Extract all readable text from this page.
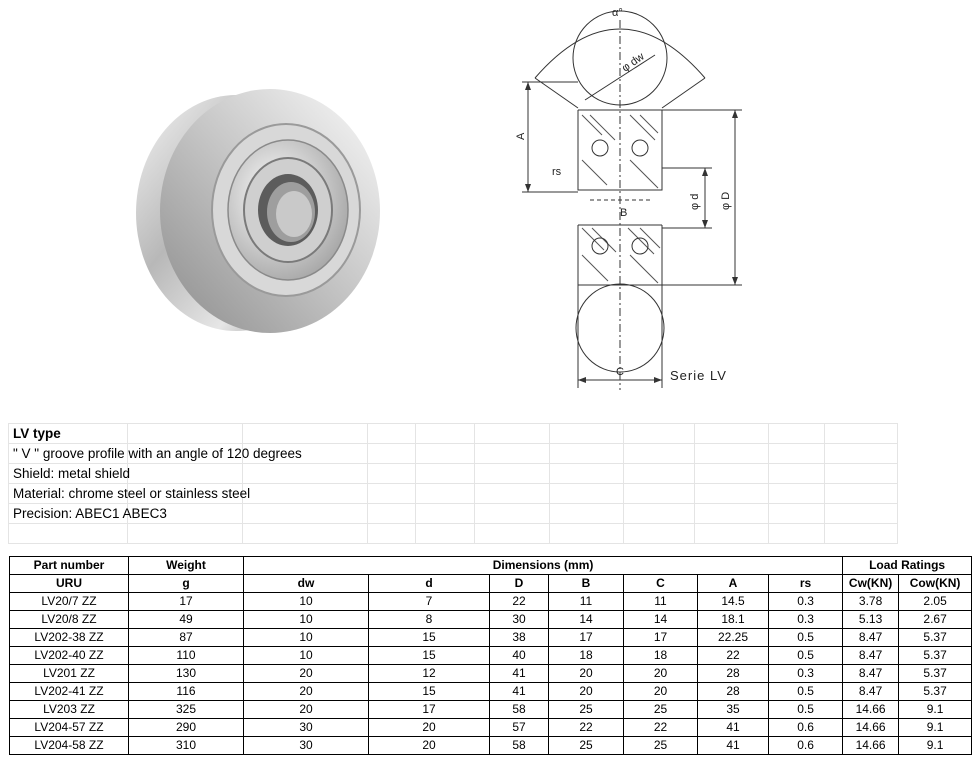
α°
φ dw
A
rs
B
φ d φ D
C	Serie LV
LV type										
" V " groove profile with an angle of 120 degrees										
Shield: metal shield										
Material: chrome steel or stainless steel										
Precision: ABEC1 ABEC3										

Part number	Weight	Dimensions (mm)							Load Ratings	
URU	g	dw	d	D	B	C	A	rs	Cw(KN)	Cow(KN)
LV20/7 ZZ	17	10	7	22	11	11	14.5	0.3	3.78	2.05
LV20/8 ZZ	49	10	8	30	14	14	18.1	0.3	5.13	2.67
LV202-38 ZZ	87	10	15	38	17	17	22.25	0.5	8.47	5.37
LV202-40 ZZ	110	10	15	40	18	18	22	0.5	8.47	5.37
LV201 ZZ	130	20	12	41	20	20	28	0.3	8.47	5.37
LV202-41 ZZ	116	20	15	41	20	20	28	0.5	8.47	5.37
LV203 ZZ	325	20	17	58	25	25	35	0.5	14.66	9.1
LV204-57 ZZ	290	30	20	57	22	22	41	0.6	14.66	9.1
LV204-58 ZZ	310	30	20	58	25	25	41	0.6	14.66	9.1
